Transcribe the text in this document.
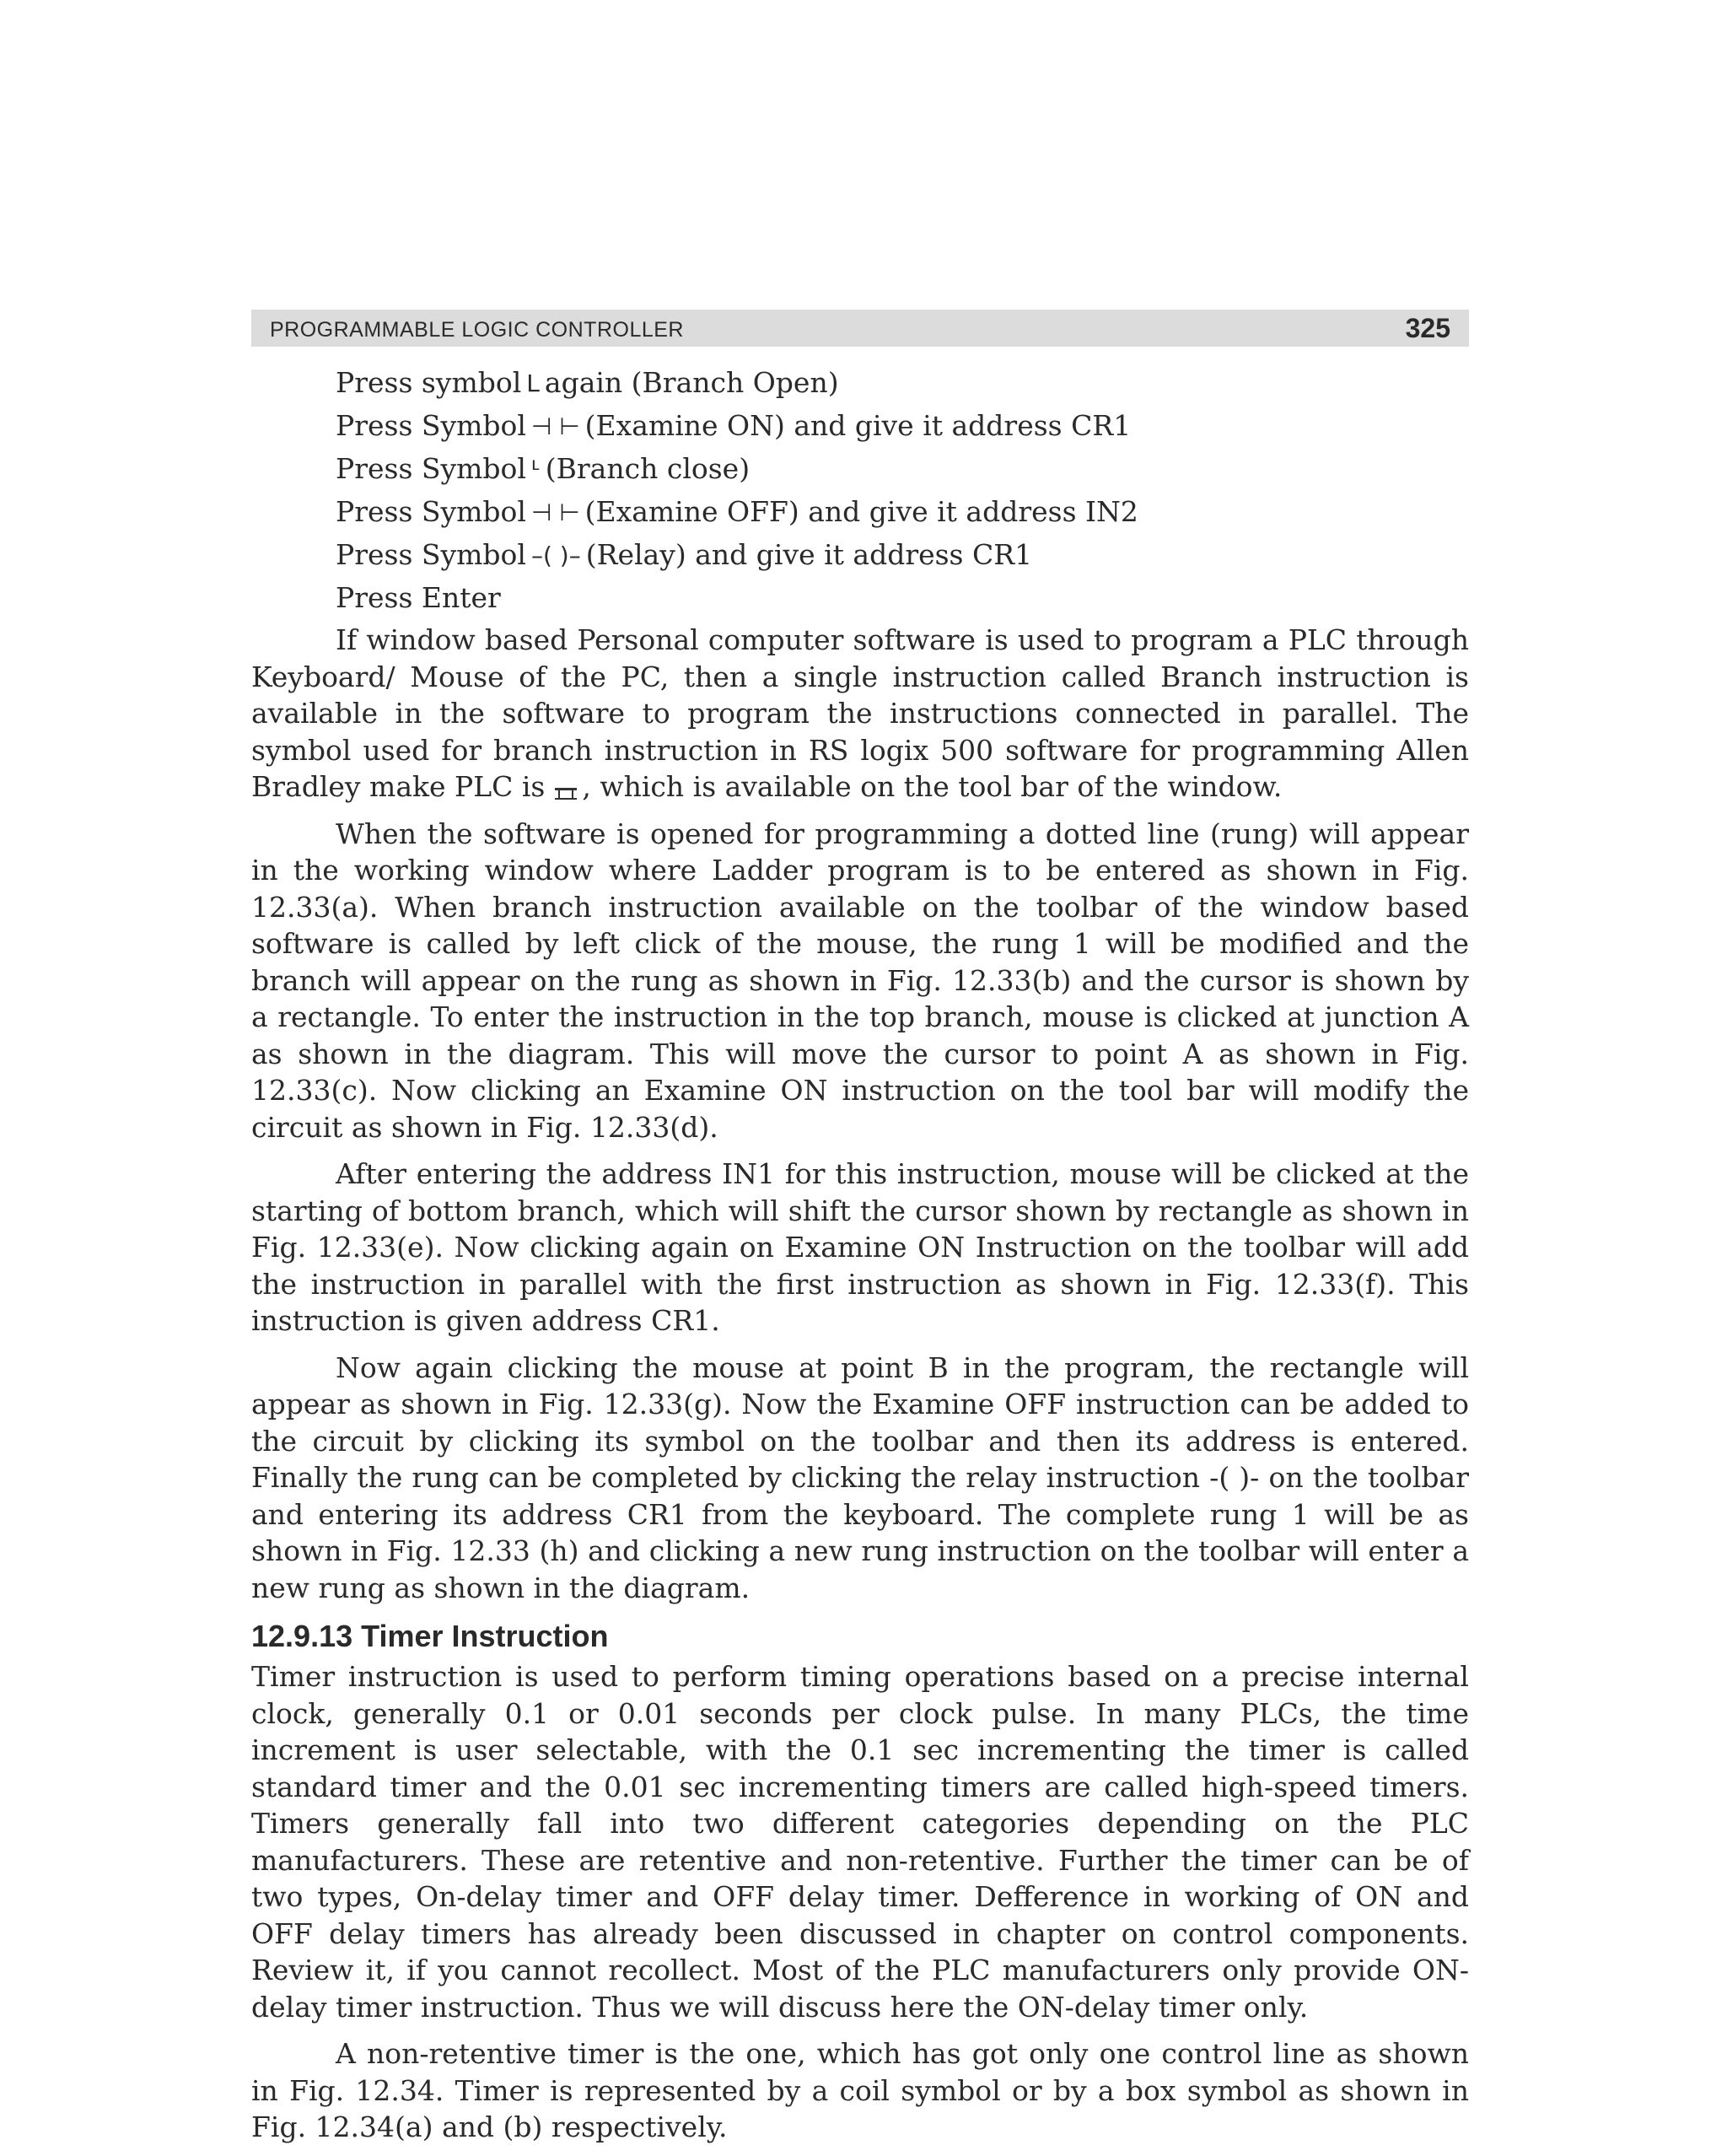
PROGRAMMABLE LOGIC CONTROLLER	325
Press symbol L again (Branch Open)
Press Symbol ⊣ ⊢ (Examine ON) and give it address CR1
Press Symbol ᒻ (Branch close)
Press Symbol ⊣ ⊢ (Examine OFF) and give it address IN2
Press Symbol –( )– (Relay) and give it address CR1
Press Enter

If window based Personal computer software is used to program a PLC through Keyboard/ Mouse of the PC, then a single instruction called Branch instruction is available in the software to program the instructions connected in parallel. The symbol used for branch instruction in RS logix 500 software for programming Allen Bradley make PLC is , which is available on the tool bar of the window.

When the software is opened for programming a dotted line (rung) will appear in the working window where Ladder program is to be entered as shown in Fig. 12.33(a). When branch instruction available on the toolbar of the window based software is called by left click of the mouse, the rung 1 will be modified and the branch will appear on the rung as shown in Fig. 12.33(b) and the cursor is shown by a rectangle. To enter the instruction in the top branch, mouse is clicked at junction A as shown in the diagram. This will move the cursor to point A as shown in Fig. 12.33(c). Now clicking an Examine ON instruction on the tool bar will modify the circuit as shown in Fig. 12.33(d).

After entering the address IN1 for this instruction, mouse will be clicked at the starting of bottom branch, which will shift the cursor shown by rectangle as shown in Fig. 12.33(e). Now clicking again on Examine ON Instruction on the toolbar will add the instruction in parallel with the first instruction as shown in Fig. 12.33(f). This instruction is given address CR1.

Now again clicking the mouse at point B in the program, the rectangle will appear as shown in Fig. 12.33(g). Now the Examine OFF instruction can be added to the circuit by clicking its symbol on the toolbar and then its address is entered. Finally the rung can be completed by clicking the relay instruction -( )- on the toolbar and entering its address CR1 from the keyboard. The complete rung 1 will be as shown in Fig. 12.33 (h) and clicking a new rung instruction on the toolbar will enter a new rung as shown in the diagram.

12.9.13 Timer Instruction

Timer instruction is used to perform timing operations based on a precise internal clock, generally 0.1 or 0.01 seconds per clock pulse. In many PLCs, the time increment is user selectable, with the 0.1 sec incrementing the timer is called standard timer and the 0.01 sec incrementing timers are called high-speed timers. Timers generally fall into two different categories depending on the PLC manufacturers. These are retentive and non-retentive. Further the timer can be of two types, On-delay timer and OFF delay timer. Defference in working of ON and OFF delay timers has already been discussed in chapter on control components. Review it, if you cannot recollect. Most of the PLC manufacturers only provide ON-delay timer instruction. Thus we will discuss here the ON-delay timer only.

A non-retentive timer is the one, which has got only one control line as shown in Fig. 12.34. Timer is represented by a coil symbol or by a box symbol as shown in Fig. 12.34(a) and (b) respectively.
